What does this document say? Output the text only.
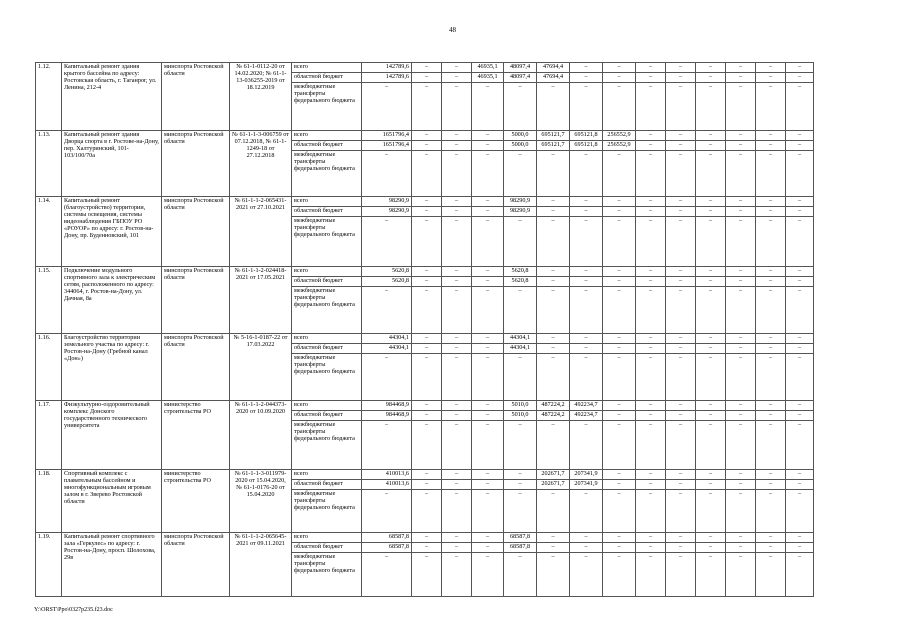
48
1.12.	Капитальный ремонт здания крытого бассейна по адресу: Ростовская область, г. Таганрог, ул. Ленина, 212-4	минспорта Ростовской области	№ 61-1-0112-20 от 14.02.2020; № 61-1-13-036255-2019 от 18.12.2019	всего	142789,6	–	–	46935,1	48097,4	47694,4	–	–	–	–	–	–	–	–
				областной бюджет	142789,6	–	–	46935,1	48097,4	47694,4	–	–	–	–	–	–	–	–
				межбюджетные трансферты федерального бюджета	–	–	–	–	–	–	–	–	–	–	–	–	–	–
1.13.	Капитальный ремонт здания Дворца спорта в г. Ростове-на-Дону, пер. Халтуринский, 101-103/100/70а	минспорта Ростовской области	№ 61-1-1-3-006759 от 07.12.2018, № 61-1-1249-18 от 27.12.2018	всего	1651796,4	–	–	–	5000,0	695121,7	695121,8	256552,9	–	–	–	–	–	–
				областной бюджет	1651796,4	–	–	–	5000,0	695121,7	695121,8	256552,9	–	–	–	–	–	–
				межбюджетные трансферты федерального бюджета	–	–	–	–	–	–	–	–	–	–	–	–	–	–
1.14.	Капитальный ремонт (благоустройство) территории, системы освещения, системы видеонаблюдения ГБПОУ РО «РОУОР» по адресу: г. Ростов-на-Дону, пр. Буденновский, 101	минспорта Ростовской области	№ 61-1-1-2-065431-2021 от 27.10.2021	всего	98290,9	–	–	–	98290,9	–	–	–	–	–	–	–	–	–
				областной бюджет	98290,9	–	–	–	98290,9	–	–	–	–	–	–	–	–	–
				межбюджетные трансферты федерального бюджета	–	–	–	–	–	–	–	–	–	–	–	–	–	–
1.15.	Подключение модульного спортивного зала к электрическим сетям, расположенного по адресу: 344064, г. Ростов-на-Дону, ул. Дачная, 8а	минспорта Ростовской области	№ 61-1-1-2-024418-2021 от 17.05.2021	всего	5620,8	–	–	–	5620,8	–	–	–	–	–	–	–	–	–
				областной бюджет	5620,8	–	–	–	5620,8	–	–	–	–	–	–	–	–	–
				межбюджетные трансферты федерального бюджета	–	–	–	–	–	–	–	–	–	–	–	–	–	–
1.16.	Благоустройство территории земельного участка по адресу: г. Ростов-на-Дону (Гребной канал «Дон»)	минспорта Ростовской области	№ 5-16-1-0187-22 от 17.03.2022	всего	44304,1	–	–	–	44304,1	–	–	–	–	–	–	–	–	–
				областной бюджет	44304,1	–	–	–	44304,1	–	–	–	–	–	–	–	–	–
				межбюджетные трансферты федерального бюджета	–	–	–	–	–	–	–	–	–	–	–	–	–	–
1.17.	Физкультурно-оздоровительный комплекс Донского государственного технического университета	министерство строительства РО	№ 61-1-1-2-044373-2020 от 10.09.2020	всего	984468,9	–	–	–	5010,0	487224,2	492234,7	–	–	–	–	–	–	–
				областной бюджет	984468,9	–	–	–	5010,0	487224,2	492234,7	–	–	–	–	–	–	–
				межбюджетные трансферты федерального бюджета	–	–	–	–	–	–	–	–	–	–	–	–	–	–
1.18.	Спортивный комплекс с плавательным бассейном и многофункциональным игровым залом в г. Зверево Ростовской области	министерство строительства РО	№ 61-1-1-3-011979-2020 от 15.04.2020, № 61-1-0176-20 от 15.04.2020	всего	410013,6	–	–	–	–	202671,7	207341,9	–	–	–	–	–	–	–
				областной бюджет	410013,6	–	–	–	–	202671,7	207341,9	–	–	–	–	–	–	–
				межбюджетные трансферты федерального бюджета	–	–	–	–	–	–	–	–	–	–	–	–	–	–
1.19.	Капитальный ремонт спортивного зала «Геркулес» по адресу: г. Ростов-на-Дону, просп. Шолохова, 29в	минспорта Ростовской области	№ 61-1-1-2-065645-2021 от 09.11.2021	всего	68587,8	–	–	–	68587,8	–	–	–	–	–	–	–	–	–
				областной бюджет	68587,8	–	–	–	68587,8	–	–	–	–	–	–	–	–	–
				межбюджетные трансферты федерального бюджета	–	–	–	–	–	–	–	–	–	–	–	–	–	–
Y:\ORST\Ppo\0327p235.f23.doc
